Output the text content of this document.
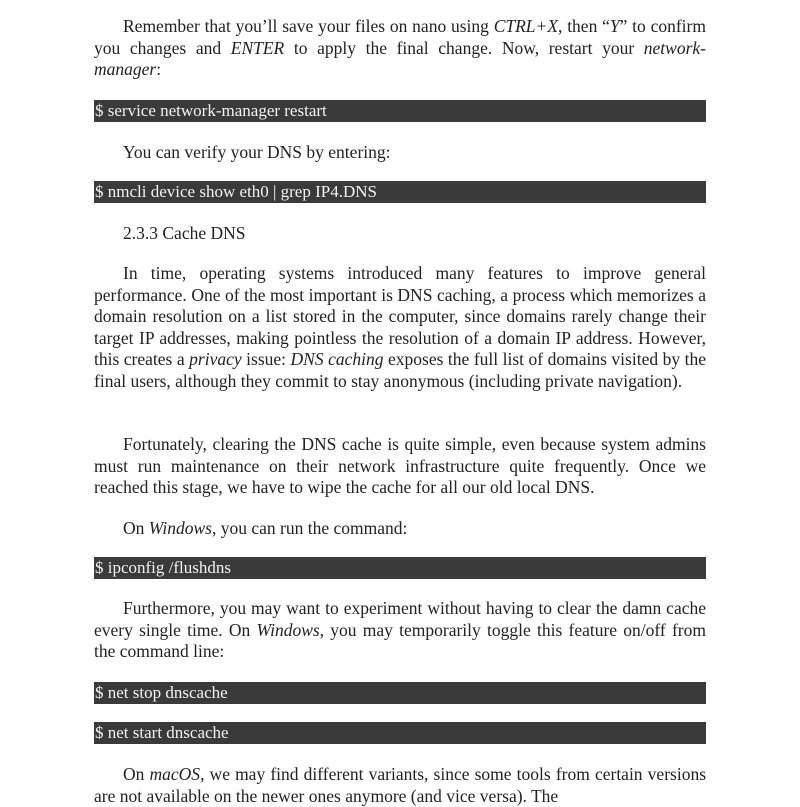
Remember that you’ll save your files on nano using CTRL+X, then “Y” to confirm you changes and ENTER to apply the final change. Now, restart your network-manager:

$ service network-manager restart

You can verify your DNS by entering:

$ nmcli device show eth0 | grep IP4.DNS
2.3.3 Cache DNS

In time, operating systems introduced many features to improve general performance. One of the most important is DNS caching, a process which memorizes a domain resolution on a list stored in the computer, since domains rarely change their target IP addresses, making pointless the resolution of a domain IP address. However, this creates a privacy issue: DNS caching exposes the full list of domains visited by the final users, although they commit to stay anonymous (including private navigation).

Fortunately, clearing the DNS cache is quite simple, even because system admins must run maintenance on their network infrastructure quite frequently. Once we reached this stage, we have to wipe the cache for all our old local DNS.

On Windows, you can run the command:

$ ipconfig /flushdns

Furthermore, you may want to experiment without having to clear the damn cache every single time. On Windows, you may temporarily toggle this feature on/off from the command line:

$ net stop dnscache
$ net start dnscache

On macOS, we may find different variants, since some tools from certain versions are not available on the newer ones anymore (and vice versa). The
